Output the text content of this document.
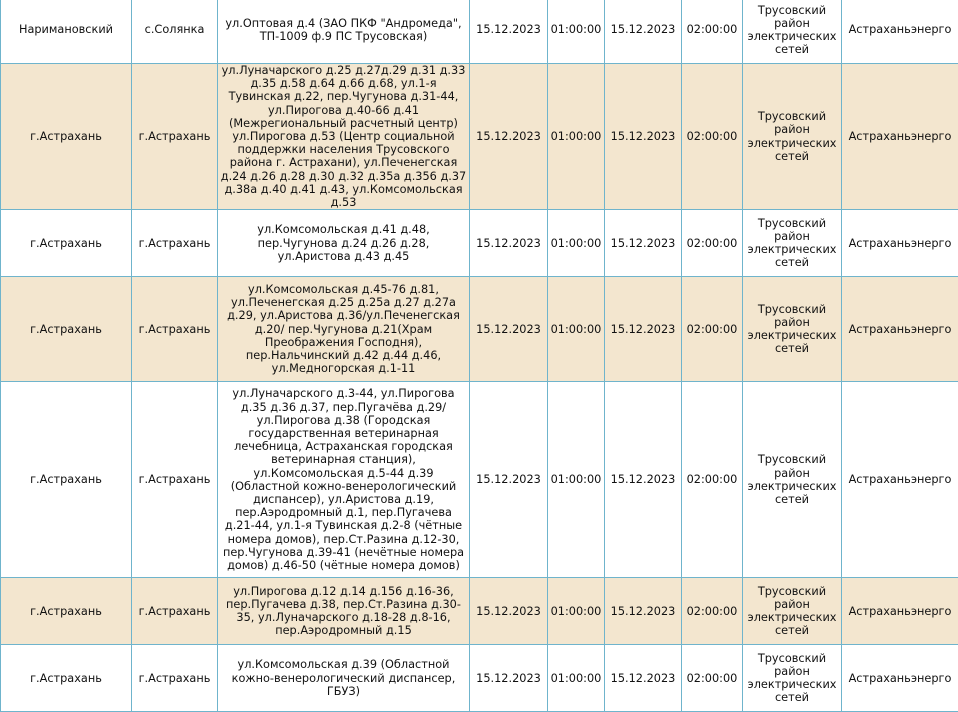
Наримановский	с.Солянка	ул.Оптовая д.4 (ЗАО ПКФ "Андромеда", ТП-1009 ф.9 ПС Трусовская)	15.12.2023	01:00:00	15.12.2023	02:00:00	Трусовский район электрических сетей	Астраханьэнерго
г.Астрахань	г.Астрахань	ул.Луначарского д.25 д.27д.29 д.31 д.33 д.35 д.58 д.64 д.66 д.68, ул.1-я Тувинская д.22, пер.Чугунова д.31-44, ул.Пирогова д.40-66 д.41 (Межрегиональный расчетный центр) ул.Пирогова д.53 (Центр социальной поддержки населения Трусовского района г. Астрахани), ул.Печенегская д.24 д.26 д.28 д.30 д.32 д.35а д.356 д.37 д.38а д.40 д.41 д.43, ул.Комсомольская д.53	15.12.2023	01:00:00	15.12.2023	02:00:00	Трусовский район электрических сетей	Астраханьэнерго
г.Астрахань	г.Астрахань	ул.Комсомольская д.41 д.48, пер.Чугунова д.24 д.26 д.28, ул.Аристова д.43 д.45	15.12.2023	01:00:00	15.12.2023	02:00:00	Трусовский район электрических сетей	Астраханьэнерго
г.Астрахань	г.Астрахань	ул.Комсомольская д.45-76 д.81, ул.Печенегская д.25 д.25а д.27 д.27а д.29, ул.Аристова д.36/ул.Печенегская д.20/ пер.Чугунова д.21(Храм Преображения Господня), пер.Нальчинский д.42 д.44 д.46, ул.Медногорская д.1-11	15.12.2023	01:00:00	15.12.2023	02:00:00	Трусовский район электрических сетей	Астраханьэнерго
г.Астрахань	г.Астрахань	ул.Луначарского д.3-44, ул.Пирогова д.35 д.36 д.37, пер.Пугачёва д.29/ ул.Пирогова д.38 (Городская государственная ветеринарная лечебница, Астраханская городская ветеринарная станция), ул.Комсомольская д.5-44 д.39 (Областной кожно-венерологический диспансер), ул.Аристова д.19, пер.Аэродромный д.1, пер.Пугачева д.21-44, ул.1-я Тувинская д.2-8 (чётные номера домов), пер.Ст.Разина д.12-30, пер.Чугунова д.39-41 (нечётные номера домов) д.46-50 (чётные номера домов)	15.12.2023	01:00:00	15.12.2023	02:00:00	Трусовский район электрических сетей	Астраханьэнерго
г.Астрахань	г.Астрахань	ул.Пирогова д.12 д.14 д.156 д.16-36, пер.Пугачева д.38, пер.Ст.Разина д.30-35, ул.Луначарского д.18-28 д.8-16, пер.Аэродромный д.15	15.12.2023	01:00:00	15.12.2023	02:00:00	Трусовский район электрических сетей	Астраханьэнерго
г.Астрахань	г.Астрахань	ул.Комсомольская д.39 (Областной кожно-венерологический диспансер, ГБУЗ)	15.12.2023	01:00:00	15.12.2023	02:00:00	Трусовский район электрических сетей	Астраханьэнерго
